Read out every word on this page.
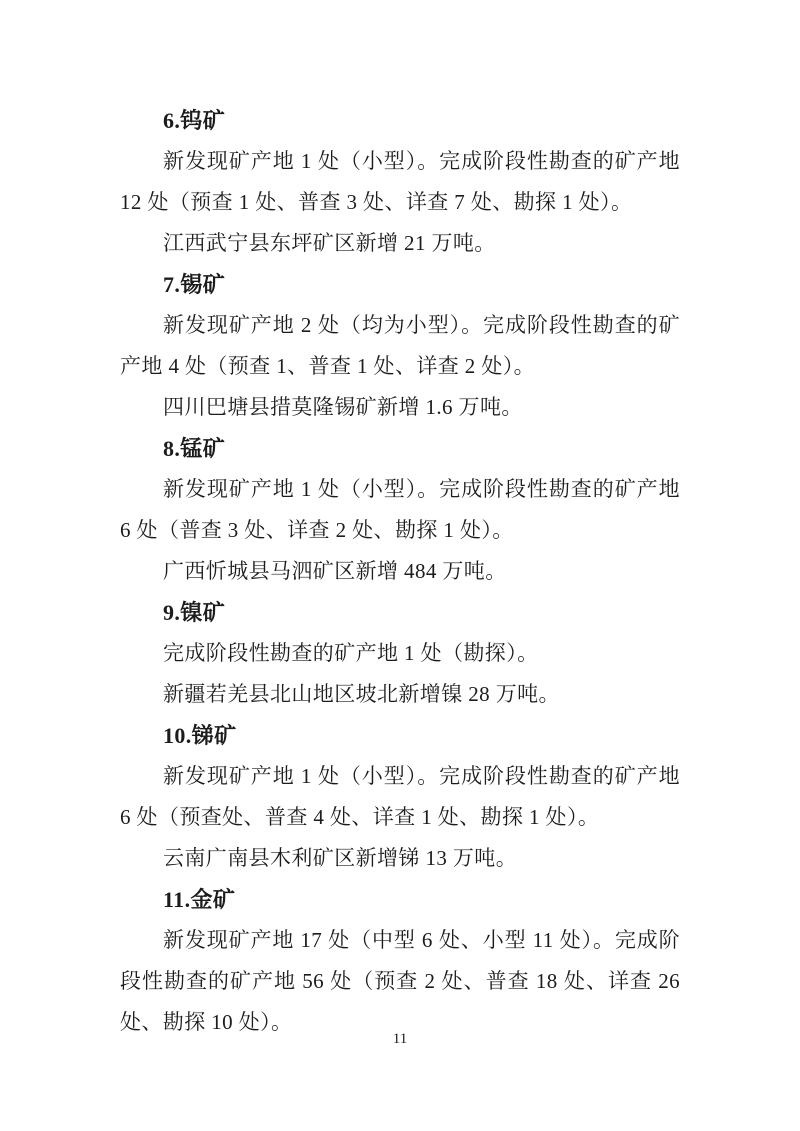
6.钨矿
新发现矿产地 1 处（小型）。完成阶段性勘查的矿产地
12 处（预查 1 处、普查 3 处、详查 7 处、勘探 1 处）。
江西武宁县东坪矿区新增 21 万吨。
7.锡矿
新发现矿产地 2 处（均为小型）。完成阶段性勘查的矿
产地 4 处（预查 1、普查 1 处、详查 2 处）。
四川巴塘县措莫隆锡矿新增 1.6 万吨。
8.锰矿
新发现矿产地 1 处（小型）。完成阶段性勘查的矿产地
6 处（普查 3 处、详查 2 处、勘探 1 处）。
广西忻城县马泗矿区新增 484 万吨。
9.镍矿
完成阶段性勘查的矿产地 1 处（勘探）。
新疆若羌县北山地区坡北新增镍 28 万吨。
10.锑矿
新发现矿产地 1 处（小型）。完成阶段性勘查的矿产地
6 处（预查处、普查 4 处、详查 1 处、勘探 1 处）。
云南广南县木利矿区新增锑 13 万吨。
11.金矿
新发现矿产地 17 处（中型 6 处、小型 11 处）。完成阶
段性勘查的矿产地 56 处（预查 2 处、普查 18 处、详查 26
处、勘探 10 处）。
11
